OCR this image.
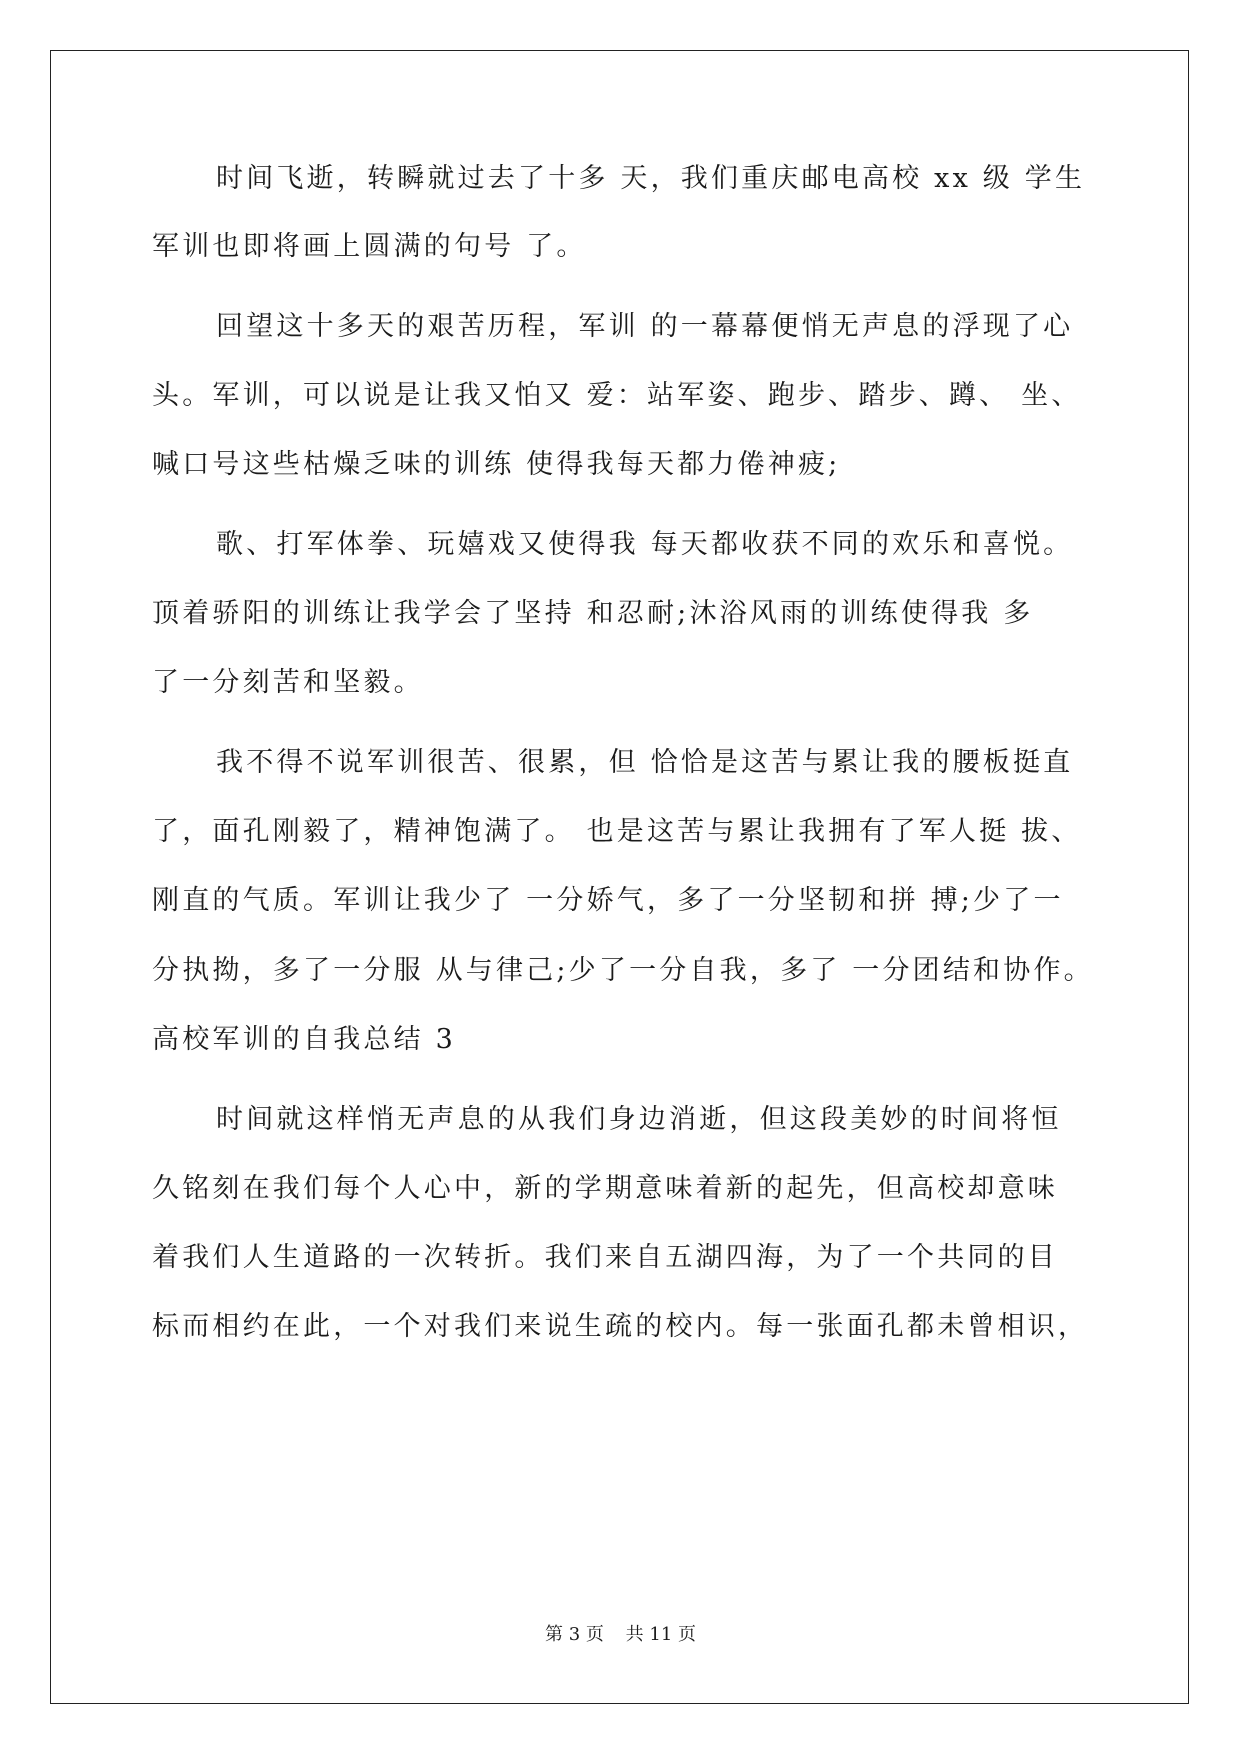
时间飞逝，转瞬就过去了十多 天，我们重庆邮电高校 xx 级 学生
军训也即将画上圆满的句号 了。
回望这十多天的艰苦历程，军训 的一幕幕便悄无声息的浮现了心
头。军训，可以说是让我又怕又 爱：站军姿、跑步、踏步、蹲、 坐、
喊口号这些枯燥乏味的训练 使得我每天都力倦神疲;
歌、打军体拳、玩嬉戏又使得我 每天都收获不同的欢乐和喜悦。
顶着骄阳的训练让我学会了坚持 和忍耐;沐浴风雨的训练使得我 多
了一分刻苦和坚毅。
我不得不说军训很苦、很累，但 恰恰是这苦与累让我的腰板挺直
了，面孔刚毅了，精神饱满了。 也是这苦与累让我拥有了军人挺 拔、
刚直的气质。军训让我少了 一分娇气，多了一分坚韧和拼 搏;少了一
分执拗，多了一分服 从与律己;少了一分自我，多了 一分团结和协作。
高校军训的自我总结 3
时间就这样悄无声息的从我们身边消逝，但这段美妙的时间将恒
久铭刻在我们每个人心中，新的学期意味着新的起先，但高校却意味
着我们人生道路的一次转折。我们来自五湖四海，为了一个共同的目
标而相约在此，一个对我们来说生疏的校内。每一张面孔都未曾相识，
第 3 页 共 11 页
